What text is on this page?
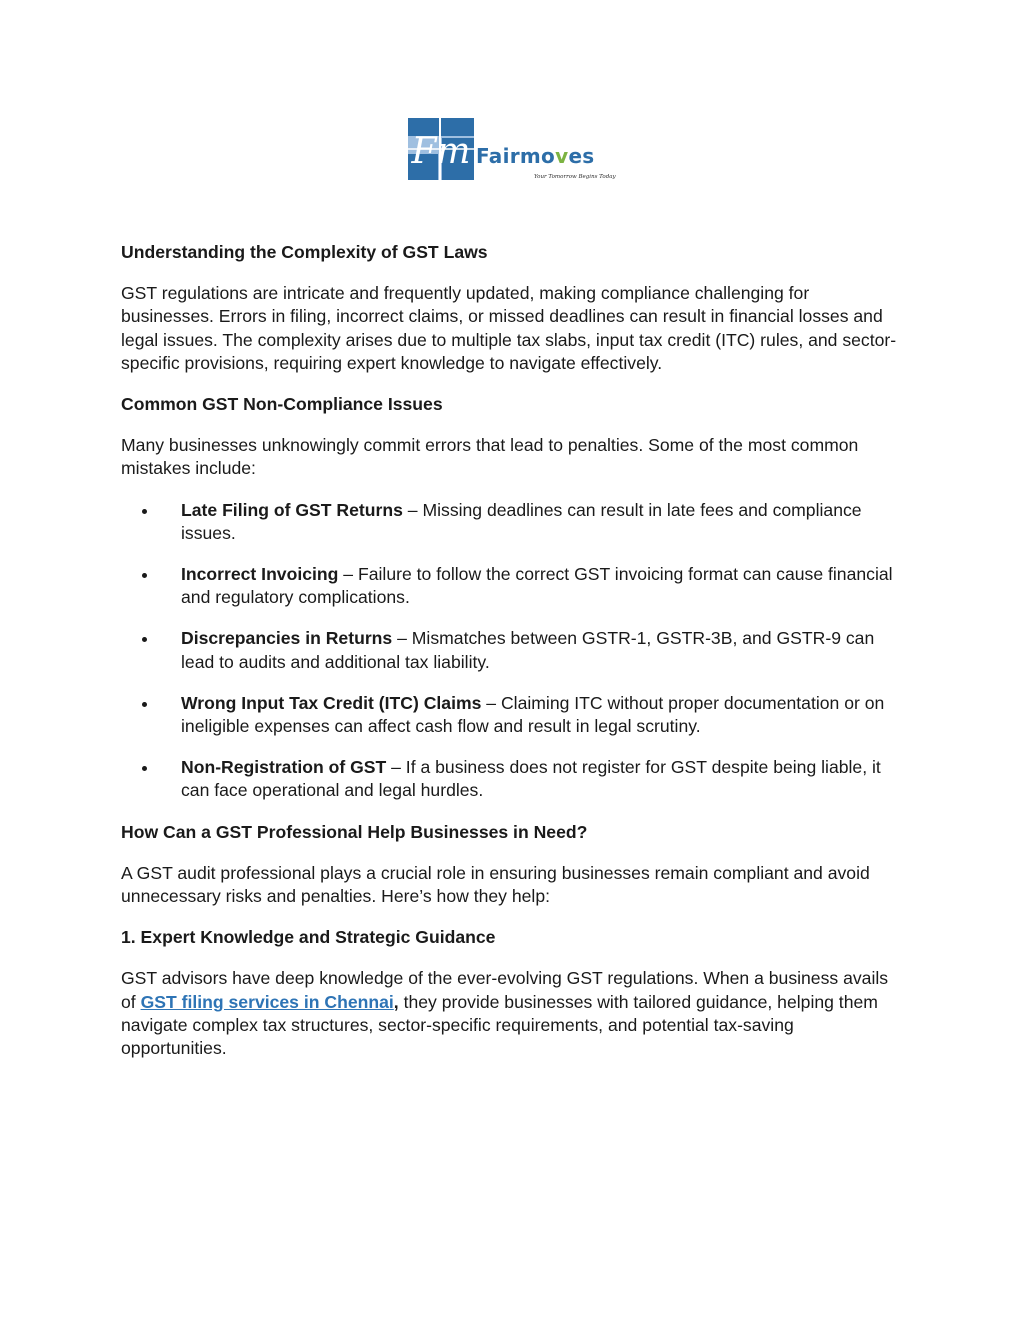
Fm Fairmoves
Your Tomorrow Begins Today
Understanding the Complexity of GST Laws

GST regulations are intricate and frequently updated, making compliance challenging for businesses. Errors in filing, incorrect claims, or missed deadlines can result in financial losses and legal issues. The complexity arises due to multiple tax slabs, input tax credit (ITC) rules, and sector-specific provisions, requiring expert knowledge to navigate effectively.

Common GST Non-Compliance Issues

Many businesses unknowingly commit errors that lead to penalties. Some of the most common mistakes include:

Late Filing of GST Returns – Missing deadlines can result in late fees and compliance issues.
Incorrect Invoicing – Failure to follow the correct GST invoicing format can cause financial and regulatory complications.
Discrepancies in Returns – Mismatches between GSTR-1, GSTR-3B, and GSTR-9 can lead to audits and additional tax liability.
Wrong Input Tax Credit (ITC) Claims – Claiming ITC without proper documentation or on ineligible expenses can affect cash flow and result in legal scrutiny.
Non-Registration of GST – If a business does not register for GST despite being liable, it can face operational and legal hurdles.
How Can a GST Professional Help Businesses in Need?

A GST audit professional plays a crucial role in ensuring businesses remain compliant and avoid unnecessary risks and penalties. Here’s how they help:

1. Expert Knowledge and Strategic Guidance

GST advisors have deep knowledge of the ever-evolving GST regulations. When a business avails of GST filing services in Chennai, they provide businesses with tailored guidance, helping them navigate complex tax structures, sector-specific requirements, and potential tax-saving opportunities.
